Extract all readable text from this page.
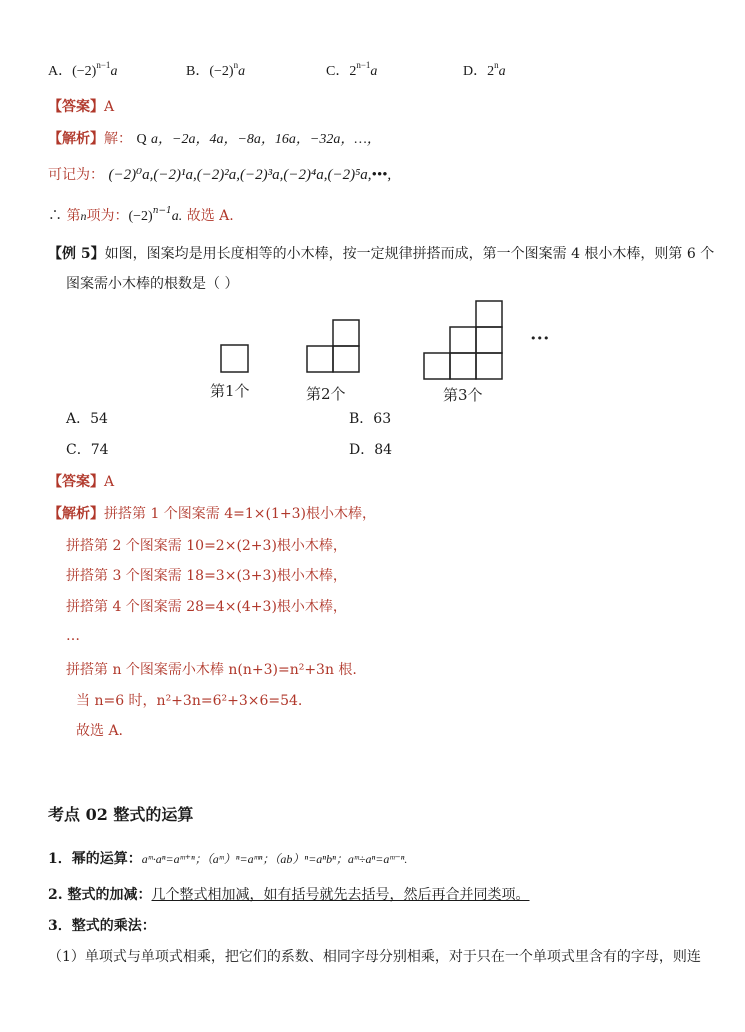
A．$(-2)^{n-1}a$	B．$(-2)^na$	C．$2^{n-1}a$	D．2$^n$a
【答案】A
【解析】解： Q a，−2a，4a，−8a，16a，−32a，…，
可记为： (−2)⁰a,(−2)¹a,(−2)²a,(−2)³a,(−2)⁴a,(−2)⁵a,•••,
∴ 第n项为：$(-2)^{n-1}a$. 故选 A.
【例 5】如图，图案均是用长度相等的小木棒，按一定规律拼搭而成，第一个图案需 4 根小木棒，则第 6 个
图案需小木棒的根数是（ ）
•••
第1个	第2个	第3个
A．54	B．63
C．74	D．84
【答案】A
【解析】拼搭第 1 个图案需 4=1×(1+3)根小木棒，
拼搭第 2 个图案需 10=2×(2+3)根小木棒，
拼搭第 3 个图案需 18=3×(3+3)根小木棒，
拼搭第 4 个图案需 28=4×(4+3)根小木棒，
…
拼搭第 n 个图案需小木棒 n(n+3)=n²+3n 根.
当 n=6 时，n²+3n=6²+3×6=54.
故选 A.
考点 02 整式的运算
1．幂的运算：aᵐ·aⁿ=aᵐ⁺ⁿ；（aᵐ）ⁿ=aᵐⁿ；（ab）ⁿ=aⁿbⁿ；aᵐ÷aⁿ=aᵐ⁻ⁿ.
2. 整式的加减：几个整式相加减，如有括号就先去括号，然后再合并同类项。
3．整式的乘法：
（1）单项式与单项式相乘，把它们的系数、相同字母分别相乘，对于只在一个单项式里含有的字母，则连
